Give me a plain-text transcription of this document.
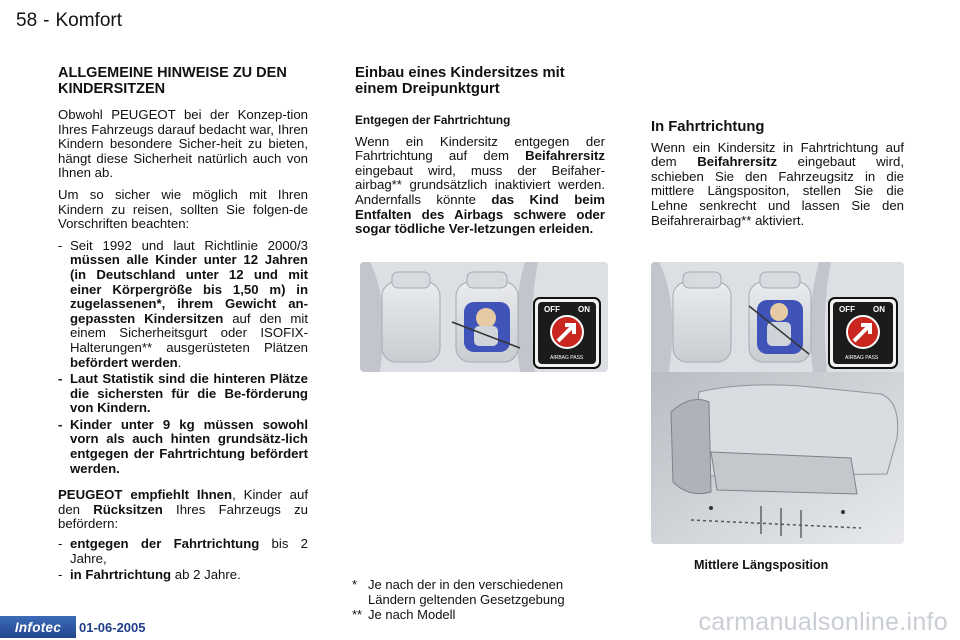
58 - Komfort
ALLGEMEINE HINWEISE ZU DEN KINDERSITZEN

Obwohl PEUGEOT bei der Konzep-tion Ihres Fahrzeugs darauf bedacht war, Ihren Kindern besondere Sicher-heit zu bieten, hängt diese Sicherheit natürlich auch von Ihnen ab.

Um so sicher wie möglich mit Ihren Kindern zu reisen, sollten Sie folgen-de Vorschriften beachten:

- Seit 1992 und laut Richtlinie 2000/3 müssen alle Kinder unter 12 Jahren (in Deutschland unter 12 und mit einer Körpergröße bis 1,50 m) in zugelassenen*, ihrem Gewicht an-gepassten Kindersitzen auf den mit einem Sicherheitsgurt oder ISOFIX-Halterungen** ausgerüsteten Plätzen befördert werden.
- Laut Statistik sind die hinteren Plätze die sichersten für die Be-förderung von Kindern.
- Kinder unter 9 kg müssen sowohl vorn als auch hinten grundsätz-lich entgegen der Fahrtrichtung befördert werden.

PEUGEOT empfiehlt Ihnen, Kinder auf den Rücksitzen Ihres Fahrzeugs zu befördern:

- entgegen der Fahrtrichtung bis 2 Jahre,
- in Fahrtrichtung ab 2 Jahre.
Einbau eines Kindersitzes mit einem Dreipunktgurt
Entgegen der Fahrtrichtung

Wenn ein Kindersitz entgegen der Fahrtrichtung auf dem Beifahrersitz eingebaut wird, muss der Beifaher-airbag** grundsätzlich inaktiviert werden. Andernfalls könnte das Kind beim Entfalten des Airbags schwere oder sogar tödliche Ver-letzungen erleiden.

In Fahrtrichtung

Wenn ein Kindersitz in Fahrtrichtung auf dem Beifahrersitz eingebaut wird, schieben Sie den Fahrzeugsitz in die mittlere Längspositon, stellen Sie die Lehne senkrecht und lassen Sie den Beifahrerairbag** aktiviert.

OFF ON
AIRBAG PASS
OFF ON
AIRBAG PASS
Mittlere Längsposition
* Je nach der in den verschiedenen Ländern geltenden Gesetzgebung
** Je nach Modell
Infotec 01-06-2005	carmanualsonline.info
